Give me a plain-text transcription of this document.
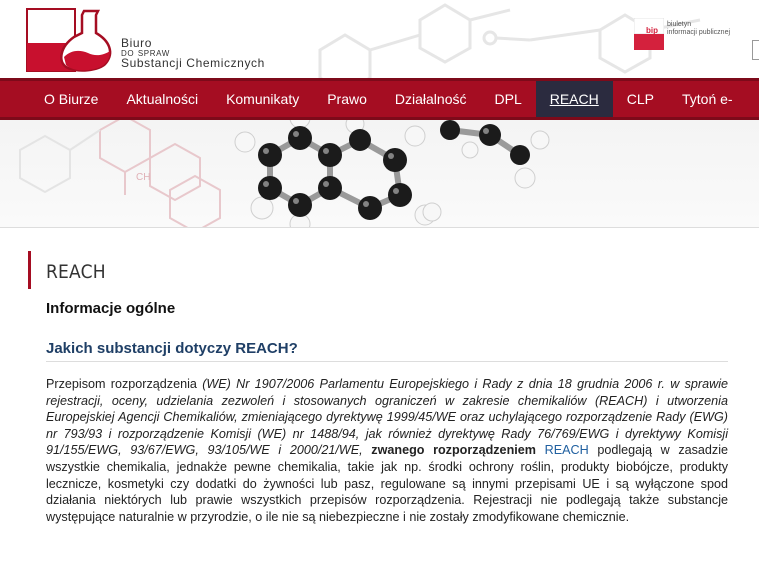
Biuro
do spraw
Substancji Chemicznych
bip
biuletyn
informacji publicznej
O Biurze	Aktualności	Komunikaty	Prawo	Działalność	DPL	REACH	CLP	Tytoń e-
CH
REACH
Informacje ogólne
Jakich substancji dotyczy REACH?

Przepisom rozporządzenia (WE) Nr 1907/2006 Parlamentu Europejskiego i Rady z dnia 18 grudnia 2006 r. w sprawie rejestracji, oceny, udzielania zezwoleń i stosowanych ograniczeń w zakresie chemikaliów (REACH) i utworzenia Europejskiej Agencji Chemikaliów, zmieniającego dyrektywę 1999/45/WE oraz uchylającego rozporządzenie Rady (EWG) nr 793/93 i rozporządzenie Komisji (WE) nr 1488/94, jak również dyrektywę Rady 76/769/EWG i dyrektywy Komisji 91/155/EWG, 93/67/EWG, 93/105/WE i 2000/21/WE, zwanego rozporządzeniem REACH podlegają w zasadzie wszystkie chemikalia, jednakże pewne chemikalia, takie jak np. środki ochrony roślin, produkty biobójcze, produkty lecznicze, kosmetyki czy dodatki do żywności lub pasz, regulowane są innymi przepisami UE i są wyłączone spod działania niektórych lub prawie wszystkich przepisów rozporządzenia. Rejestracji nie podlegają także substancje występujące naturalnie w przyrodzie, o ile nie są niebezpieczne i nie zostały zmodyfikowane chemicznie.
